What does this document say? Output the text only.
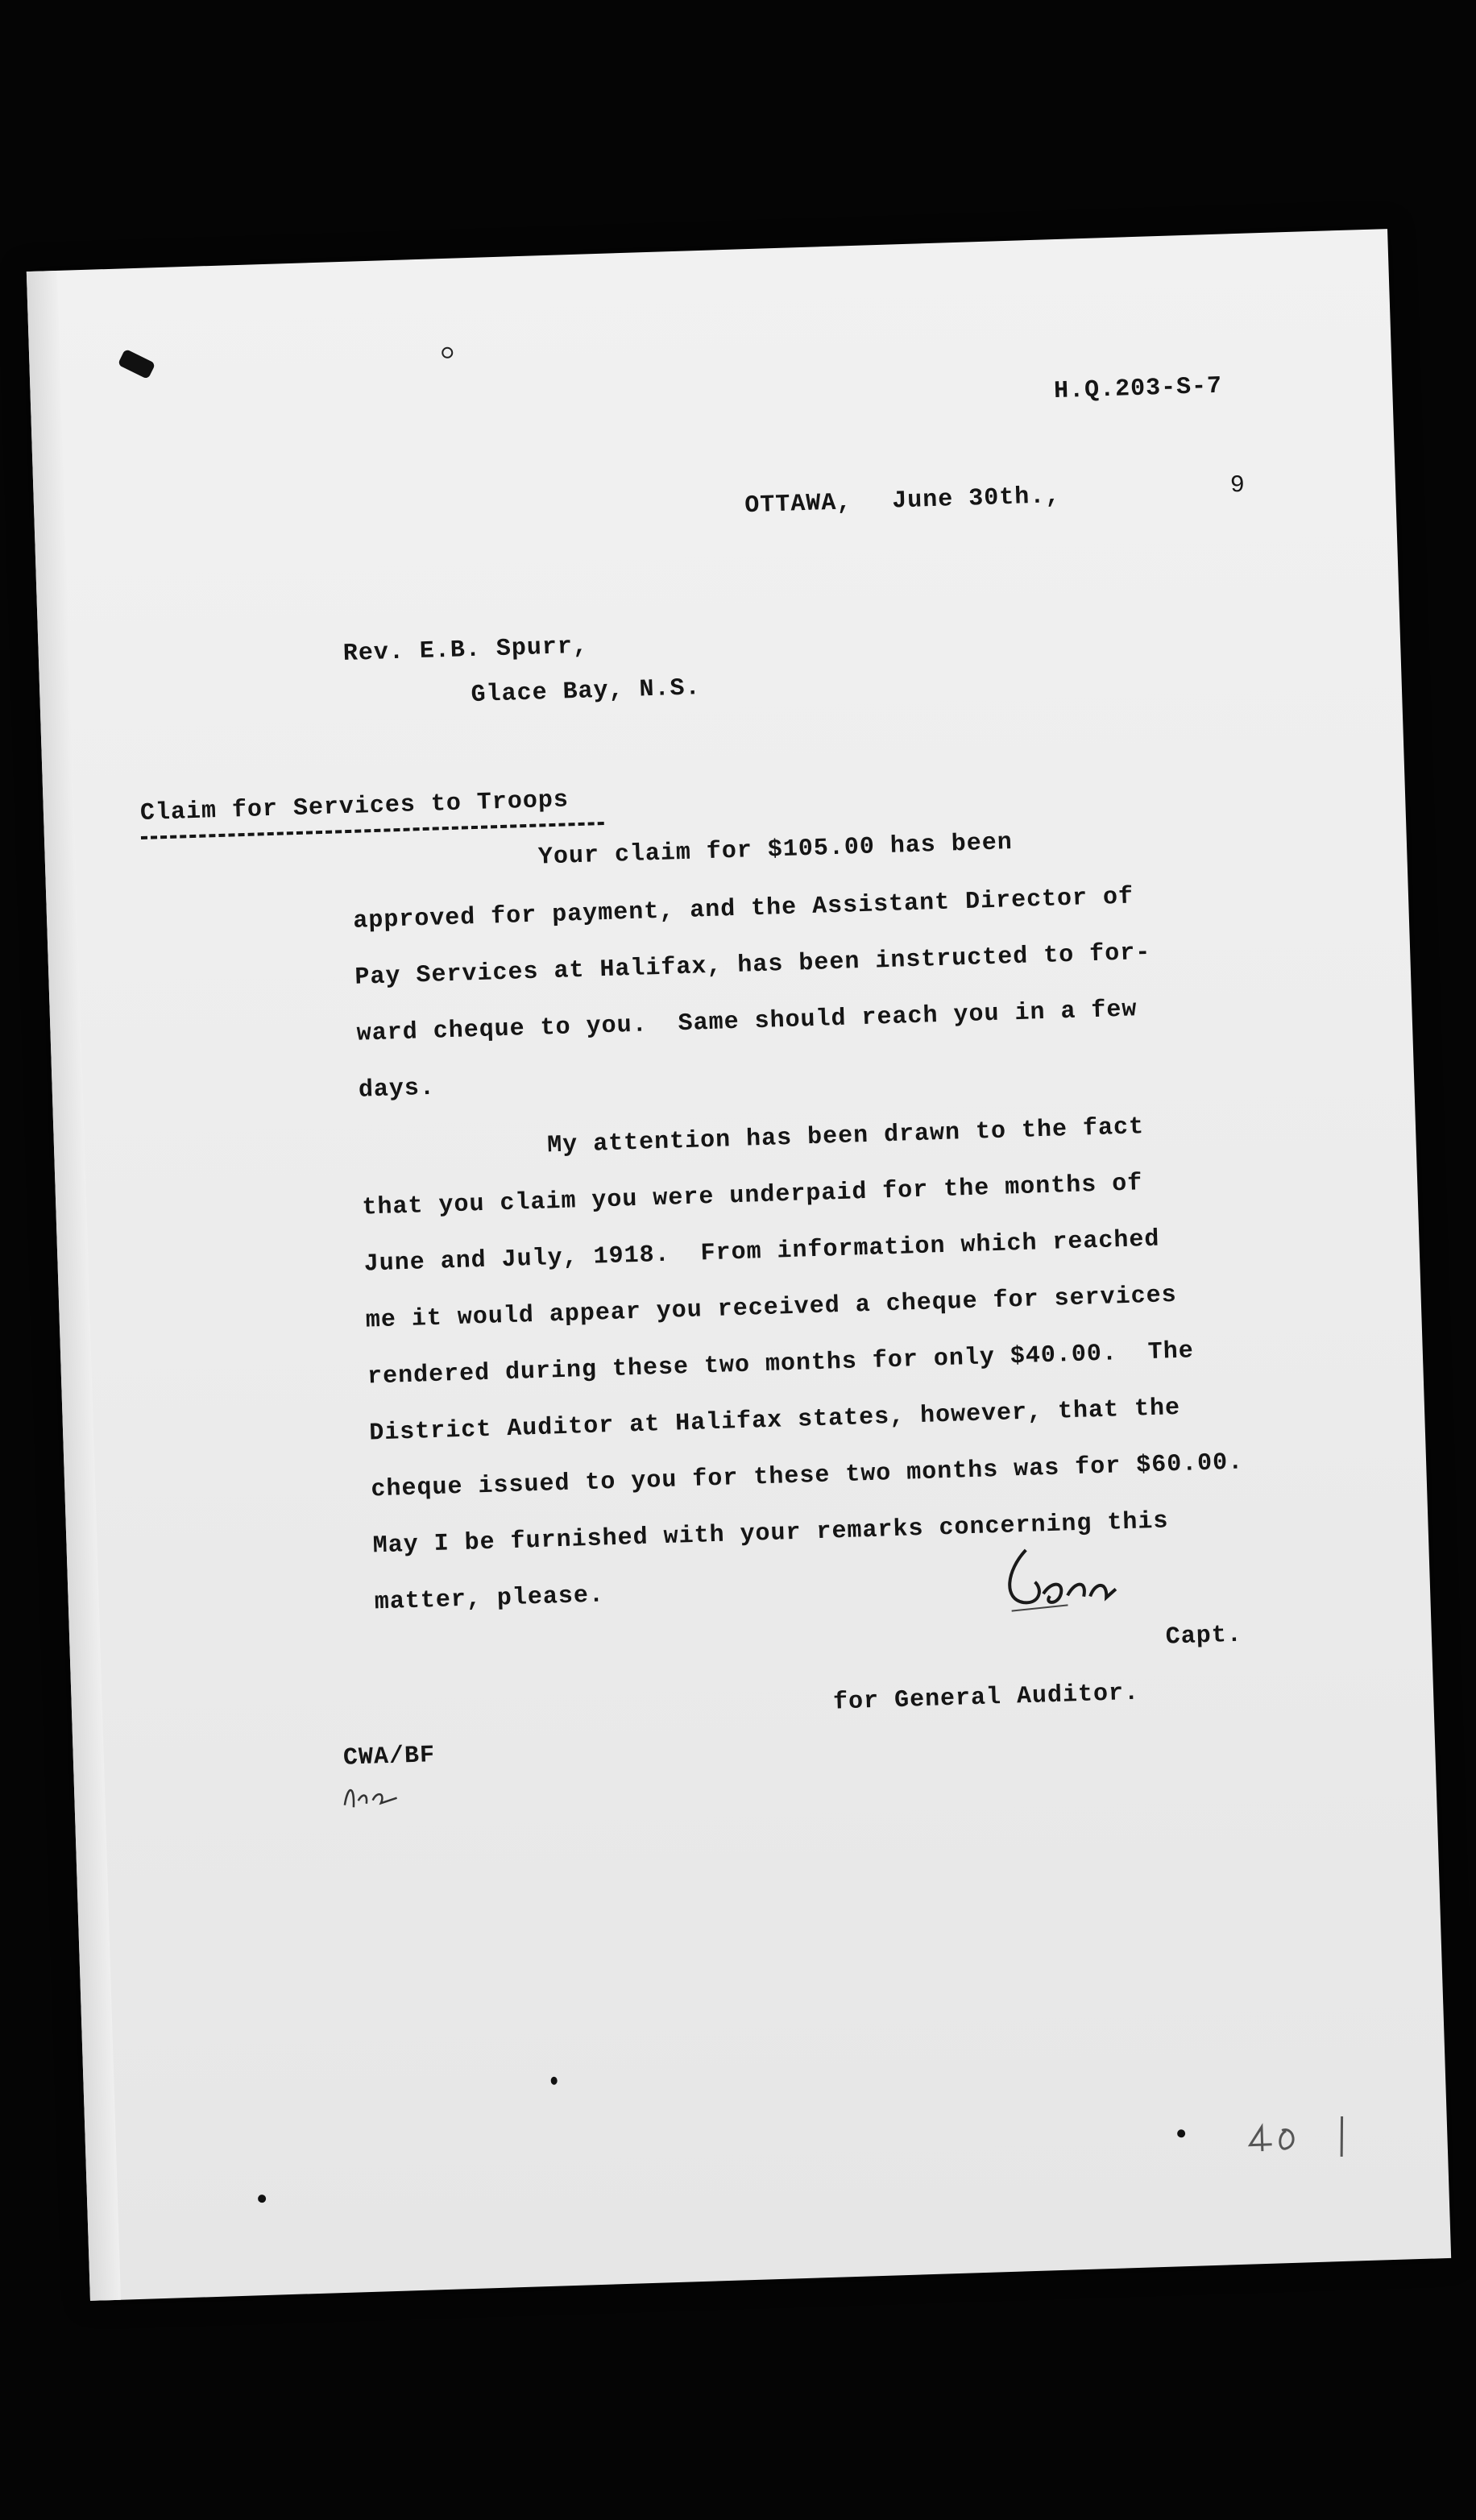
H.Q.203-S-7
OTTAWA, June 30th.,	9
Rev. E.B. Spurr,
Glace Bay, N.S.
Claim for Services to Troops
Your claim for $105.00 has been
approved for payment, and the Assistant Director of
Pay Services at Halifax, has been instructed to for-
ward cheque to you.  Same should reach you in a few
days.
My attention has been drawn to the fact
that you claim you were underpaid for the months of
June and July, 1918.  From information which reached
me it would appear you received a cheque for services
rendered during these two months for only $40.00.  The
District Auditor at Halifax states, however, that the
cheque issued to you for these two months was for $60.00.
May I be furnished with your remarks concerning this
matter, please.
Capt.
for General Auditor.
CWA/BF
